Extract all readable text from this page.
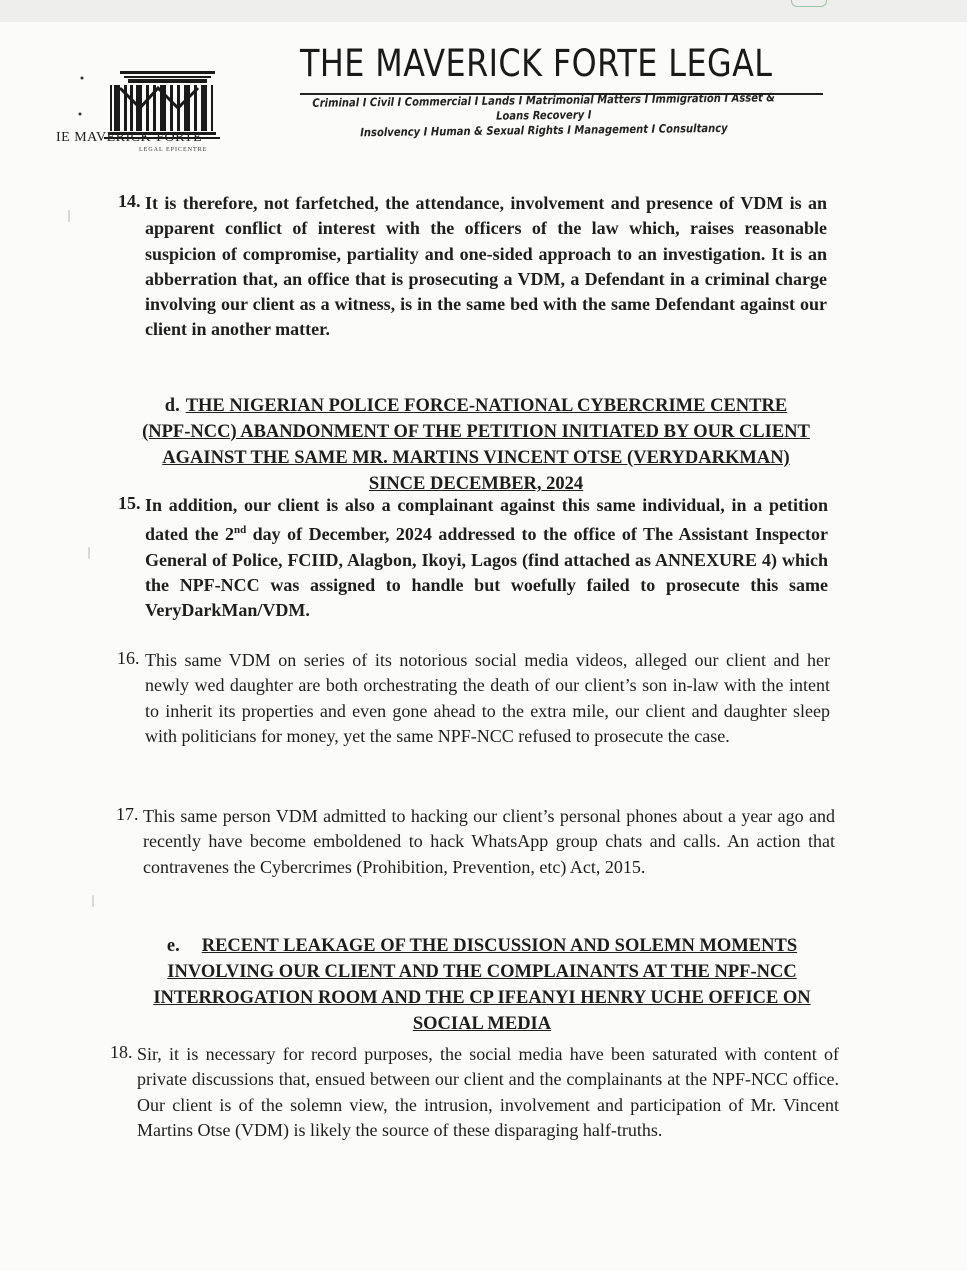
IE MAVERICK-FORTE
LEGAL EPICENTRE
THE MAVERICK FORTE LEGAL
Criminal I Civil I Commercial I Lands I Matrimonial Matters I Immigration I Asset & Loans Recovery I
Insolvency I Human & Sexual Rights I Management I Consultancy
14. It is therefore, not farfetched, the attendance, involvement and presence of VDM is an apparent conflict of interest with the officers of the law which, raises reasonable suspicion of compromise, partiality and one-sided approach to an investigation. It is an abberration that, an office that is prosecuting a VDM, a Defendant in a criminal charge involving our client as a witness, is in the same bed with the same Defendant against our client in another matter.
d. THE NIGERIAN POLICE FORCE-NATIONAL CYBERCRIME CENTRE (NPF-NCC) ABANDONMENT OF THE PETITION INITIATED BY OUR CLIENT AGAINST THE SAME MR. MARTINS VINCENT OTSE (VERYDARKMAN) SINCE DECEMBER, 2024
15. In addition, our client is also a complainant against this same individual, in a petition dated the 2nd day of December, 2024 addressed to the office of The Assistant Inspector General of Police, FCIID, Alagbon, Ikoyi, Lagos (find attached as ANNEXURE 4) which the NPF-NCC was assigned to handle but woefully failed to prosecute this same VeryDarkMan/VDM.
16. This same VDM on series of its notorious social media videos, alleged our client and her newly wed daughter are both orchestrating the death of our client’s son in-law with the intent to inherit its properties and even gone ahead to the extra mile, our client and daughter sleep with politicians for money, yet the same NPF-NCC refused to prosecute the case.
17. This same person VDM admitted to hacking our client’s personal phones about a year ago and recently have become emboldened to hack WhatsApp group chats and calls. An action that contravenes the Cybercrimes (Prohibition, Prevention, etc) Act, 2015.
e. RECENT LEAKAGE OF THE DISCUSSION AND SOLEMN MOMENTS INVOLVING OUR CLIENT AND THE COMPLAINANTS AT THE NPF-NCC INTERROGATION ROOM AND THE CP IFEANYI HENRY UCHE OFFICE ON SOCIAL MEDIA
18. Sir, it is necessary for record purposes, the social media have been saturated with content of private discussions that, ensued between our client and the complainants at the NPF-NCC office. Our client is of the solemn view, the intrusion, involvement and participation of Mr. Vincent Martins Otse (VDM) is likely the source of these disparaging half-truths.
